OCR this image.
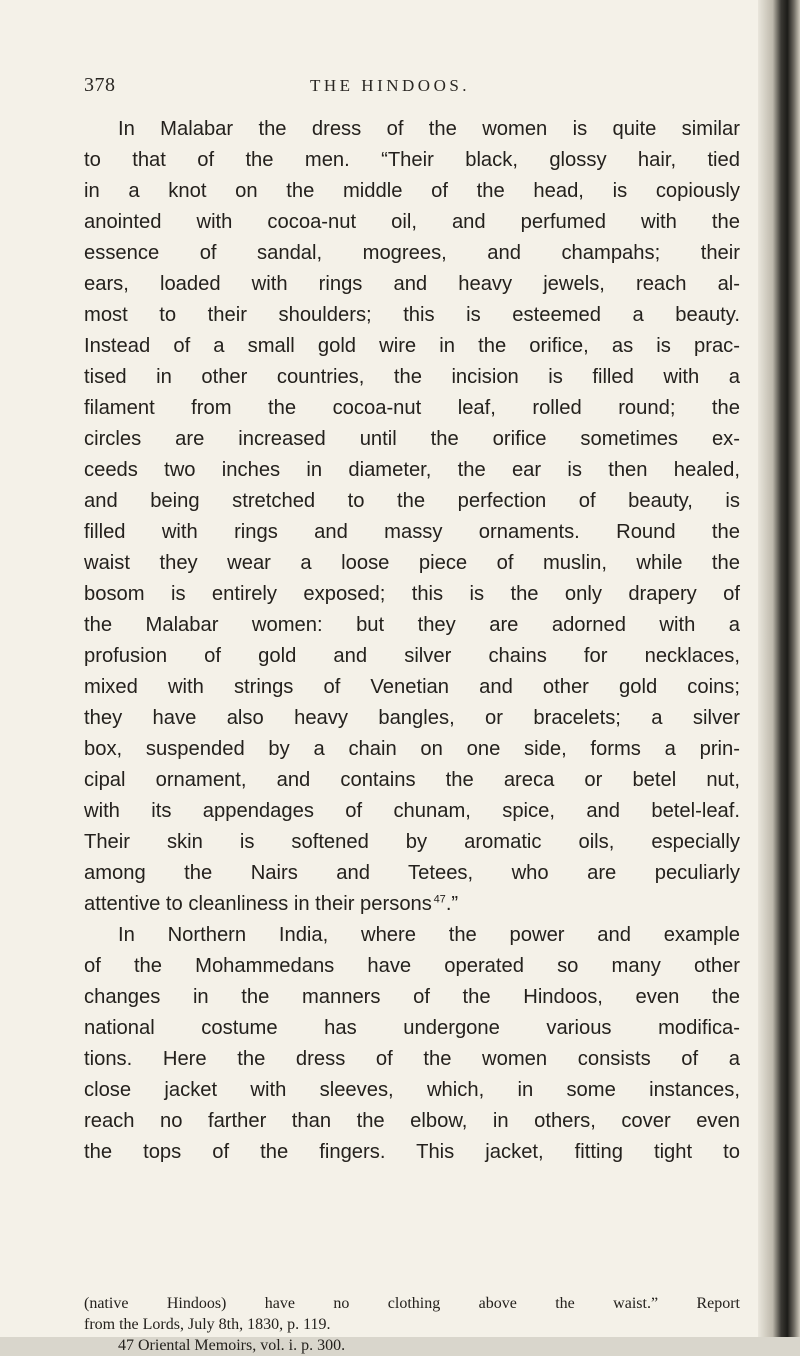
378	THE HINDOOS.
In Malabar the dress of the women is quite similar
to that of the men. “Their black, glossy hair, tied
in a knot on the middle of the head, is copiously
anointed with cocoa-nut oil, and perfumed with the
essence of sandal, mogrees, and champahs; their
ears, loaded with rings and heavy jewels, reach al-
most to their shoulders; this is esteemed a beauty.
Instead of a small gold wire in the orifice, as is prac-
tised in other countries, the incision is filled with a
filament from the cocoa-nut leaf, rolled round; the
circles are increased until the orifice sometimes ex-
ceeds two inches in diameter, the ear is then healed,
and being stretched to the perfection of beauty, is
filled with rings and massy ornaments. Round the
waist they wear a loose piece of muslin, while the
bosom is entirely exposed; this is the only drapery of
the Malabar women: but they are adorned with a
profusion of gold and silver chains for necklaces,
mixed with strings of Venetian and other gold coins;
they have also heavy bangles, or bracelets; a silver
box, suspended by a chain on one side, forms a prin-
cipal ornament, and contains the areca or betel nut,
with its appendages of chunam, spice, and betel-leaf.
Their skin is softened by aromatic oils, especially
among the Nairs and Tetees, who are peculiarly
attentive to cleanliness in their persons  $^{47}$.”
In Northern India, where the power and example
of the Mohammedans have operated so many other
changes in the manners of the Hindoos, even the
national costume has undergone various modifica-
tions. Here the dress of the women consists of a
close jacket with sleeves, which, in some instances,
reach no farther than the elbow, in others, cover even
the tops of the fingers. This jacket, fitting tight to
(native Hindoos) have no clothing above the waist.” Report
from the Lords, July 8th, 1830, p. 119.
47 Oriental Memoirs, vol. i. p. 300.
